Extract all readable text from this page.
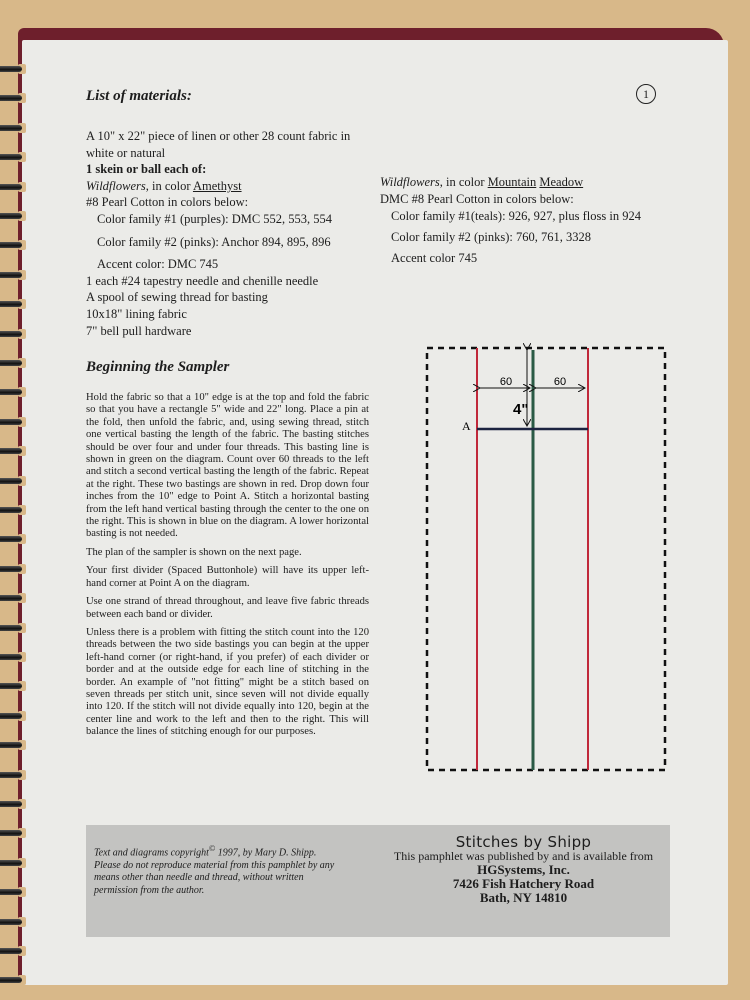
1
List of materials:
A 10" x 22" piece of linen or other 28 count fabric in white or natural
1 skein or ball each of:
Wildflowers, in color Amethyst
#8 Pearl Cotton in colors below:
Color family #1 (purples): DMC 552, 553, 554
Color family #2 (pinks): Anchor 894, 895, 896
Accent color: DMC 745
1 each #24 tapestry needle and chenille needle
A spool of sewing thread for basting
10x18" lining fabric
7" bell pull hardware
Wildflowers, in color Mountain Meadow
DMC #8 Pearl Cotton in colors below:
Color family #1(teals): 926, 927, plus floss in 924
Color family #2 (pinks): 760, 761, 3328
Accent color 745
Beginning the Sampler

Hold the fabric so that a 10" edge is at the top and fold the fabric so that you have a rectangle 5" wide and 22" long. Place a pin at the fold, then unfold the fabric, and, using sewing thread, stitch one vertical basting the length of the fabric. The basting stitches should be over four and under four threads. This basting line is shown in green on the diagram. Count over 60 threads to the left and stitch a second vertical basting the length of the fabric. Repeat at the right. These two bastings are shown in red. Drop down four inches from the 10" edge to Point A. Stitch a horizontal basting from the left hand vertical basting through the center to the one on the right. This is shown in blue on the diagram. A lower horizontal basting is not needed.

The plan of the sampler is shown on the next page.

Your first divider (Spaced Buttonhole) will have its upper left-hand corner at Point A on the diagram.

Use one strand of thread throughout, and leave five fabric threads between each band or divider.

Unless there is a problem with fitting the stitch count into the 120 threads between the two side bastings you can begin at the upper left-hand corner (or right-hand, if you prefer) of each divider or border and at the outside edge for each line of stitching in the border. An example of "not fitting" might be a stitch based on seven threads per stitch unit, since seven will not divide equally into 120. If the stitch will not divide equally into 120, begin at the center line and work to the left and then to the right. This will balance the lines of stitching enough for our purposes.

60	60
4"
A
Text and diagrams copyright© 1997, by Mary D. Shipp. Please do not reproduce material from this pamphlet by any means other than needle and thread, without written permission from the author.
Stitches by Shipp
This pamphlet was published by and is available from
HGSystems, Inc.
7426 Fish Hatchery Road
Bath, NY 14810
